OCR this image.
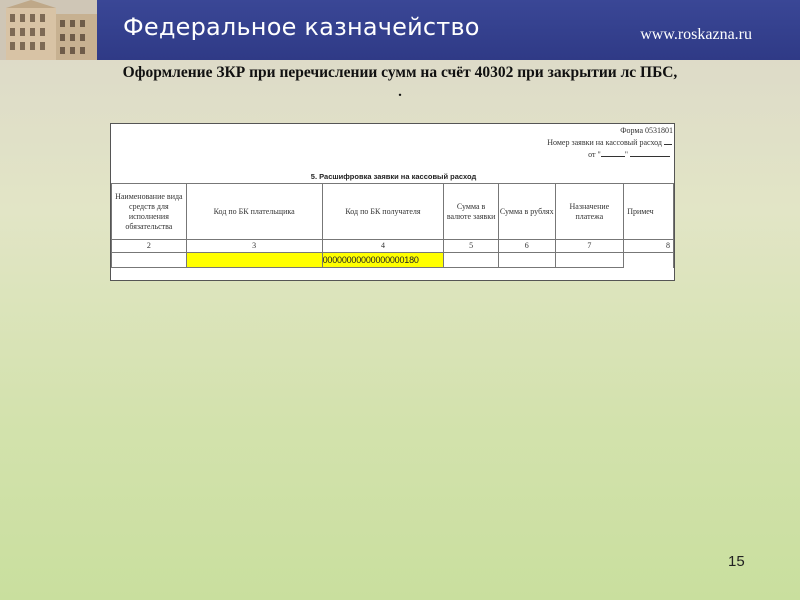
Федеральное казначейство	www.roskazna.ru
Оформление ЗКР при перечислении сумм на счёт 40302 при закрытии лс ПБС,
.
Форма 0531801
Номер заявки на кассовый расход
от "	"
5. Расшифровка заявки на кассовый расход
Наименование вида средств для исполнения обязательства	Код по БК плательщика	Код по БК получателя	Сумма в валюте заявки	Сумма в рублях	Назначение платежа	Примеч
2	3	4	5	6	7	8
		00000000000000000180				
15
